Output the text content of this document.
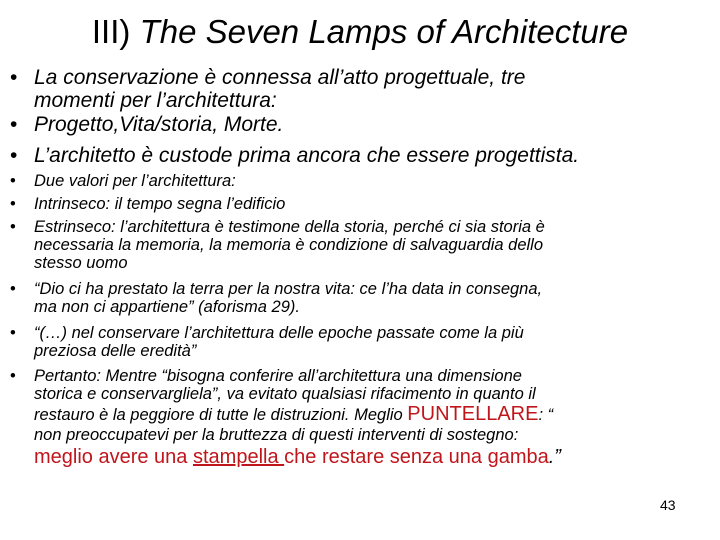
III) The Seven Lamps of Architecture
• La conservazione è connessa all’atto progettuale, tre
momenti per l’architettura:
• Progetto,Vita/storia, Morte.
• L’architetto è custode prima ancora che essere progettista.
• Due valori per l’architettura:
• Intrinseco: il tempo segna l’edificio
• Estrinseco: l’architettura è testimone della storia, perché ci sia storia è
necessaria la memoria, la memoria è condizione di salvaguardia dello
stesso uomo
• “Dio ci ha prestato la terra per la nostra vita: ce l’ha data in consegna,
ma non ci appartiene” (aforisma 29).
• “(…) nel conservare l’architettura delle epoche passate come la più
preziosa delle eredità”
• Pertanto: Mentre “bisogna conferire all’architettura una dimensione
storica e conservargliela”, va evitato qualsiasi rifacimento in quanto il
restauro è la peggiore di tutte le distruzioni. Meglio PUNTELLARE: “
non preoccupatevi per la bruttezza di questi interventi di sostegno:
meglio avere una stampella che restare senza una gamba.”
43
